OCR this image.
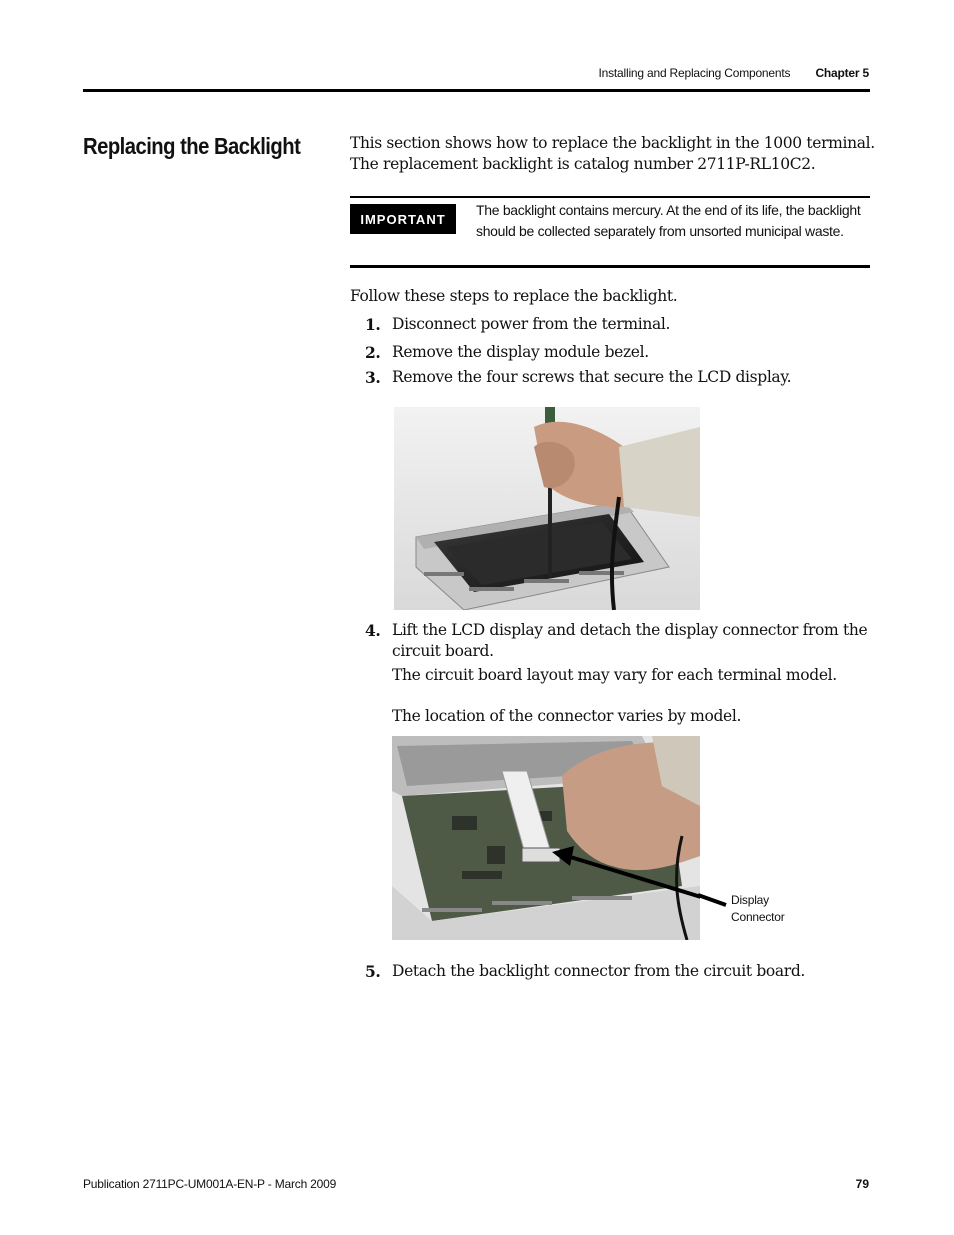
Installing and Replacing Components Chapter 5
Replacing the Backlight	This section shows how to replace the backlight in the 1000 terminal. The replacement backlight is catalog number 2711P-RL10C2.

IMPORTANT

The backlight contains mercury. At the end of its life, the backlight should be collected separately from unsorted municipal waste.

Follow these steps to replace the backlight.

1. Disconnect power from the terminal.
2. Remove the display module bezel.
3. Remove the four screws that secure the LCD display.
4. Lift the LCD display and detach the display connector from the circuit board.

The circuit board layout may vary for each terminal model.

The location of the connector varies by model.

Display
Connector
5. Detach the backlight connector from the circuit board.
Publication 2711PC-UM001A-EN-P - March 2009	79
